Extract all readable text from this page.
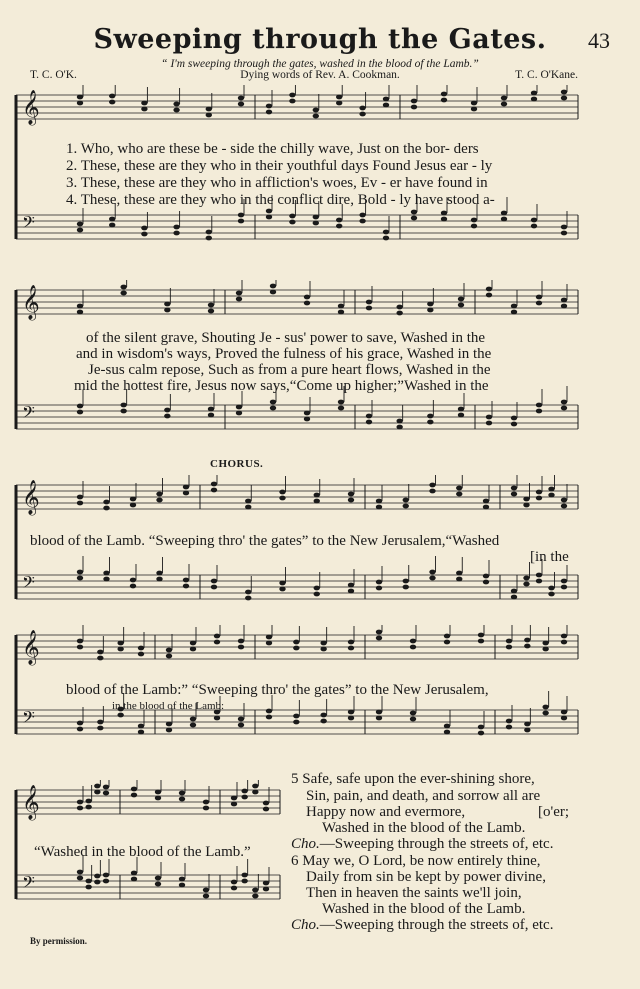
Sweeping through the Gates.	43
“ I'm sweeping through the gates, washed in the blood of the Lamb.”
T. C. O'K.	Dying words of Rev. A. Cookman.	T. C. O'Kane.
𝄞
𝄢
𝄞
𝄢
𝄞
𝄢
𝄞
𝄢
𝄞
𝄢
1. Who, who are these be - side the chilly wave, Just on the bor- ders
2. These, these are they who in their youthful days Found Jesus ear - ly
3. These, these are they who in affliction's woes, Ev - er have found in
4. These, these are they who in the conflict dire, Bold - ly have stood a-
of the silent grave, Shouting Je - sus' power to save, Washed in the
and in wisdom's ways, Proved the fulness of his grace, Washed in the
Je-sus calm repose, Such as from a pure heart flows, Washed in the
mid the hottest fire, Jesus now says,“Come up higher;”Washed in the
CHORUS.
blood of the Lamb. “Sweeping thro' the gates” to the New Jerusalem,“Washed
[in the
blood of the Lamb:” “Sweeping thro' the gates” to the New Jerusalem,
in the blood of the Lamb:
“Washed in the blood of the Lamb.”
5 Safe, safe upon the ever-shining shore,
Sin, pain, and death, and sorrow all are
Happy now and evermore,	[o'er;
Washed in the blood of the Lamb.
Cho.—Sweeping through the streets of, etc.
6 May we, O Lord, be now entirely thine,
Daily from sin be kept by power divine,
Then in heaven the saints we'll join,
Washed in the blood of the Lamb.
Cho.—Sweeping through the streets of, etc.
By permission.
